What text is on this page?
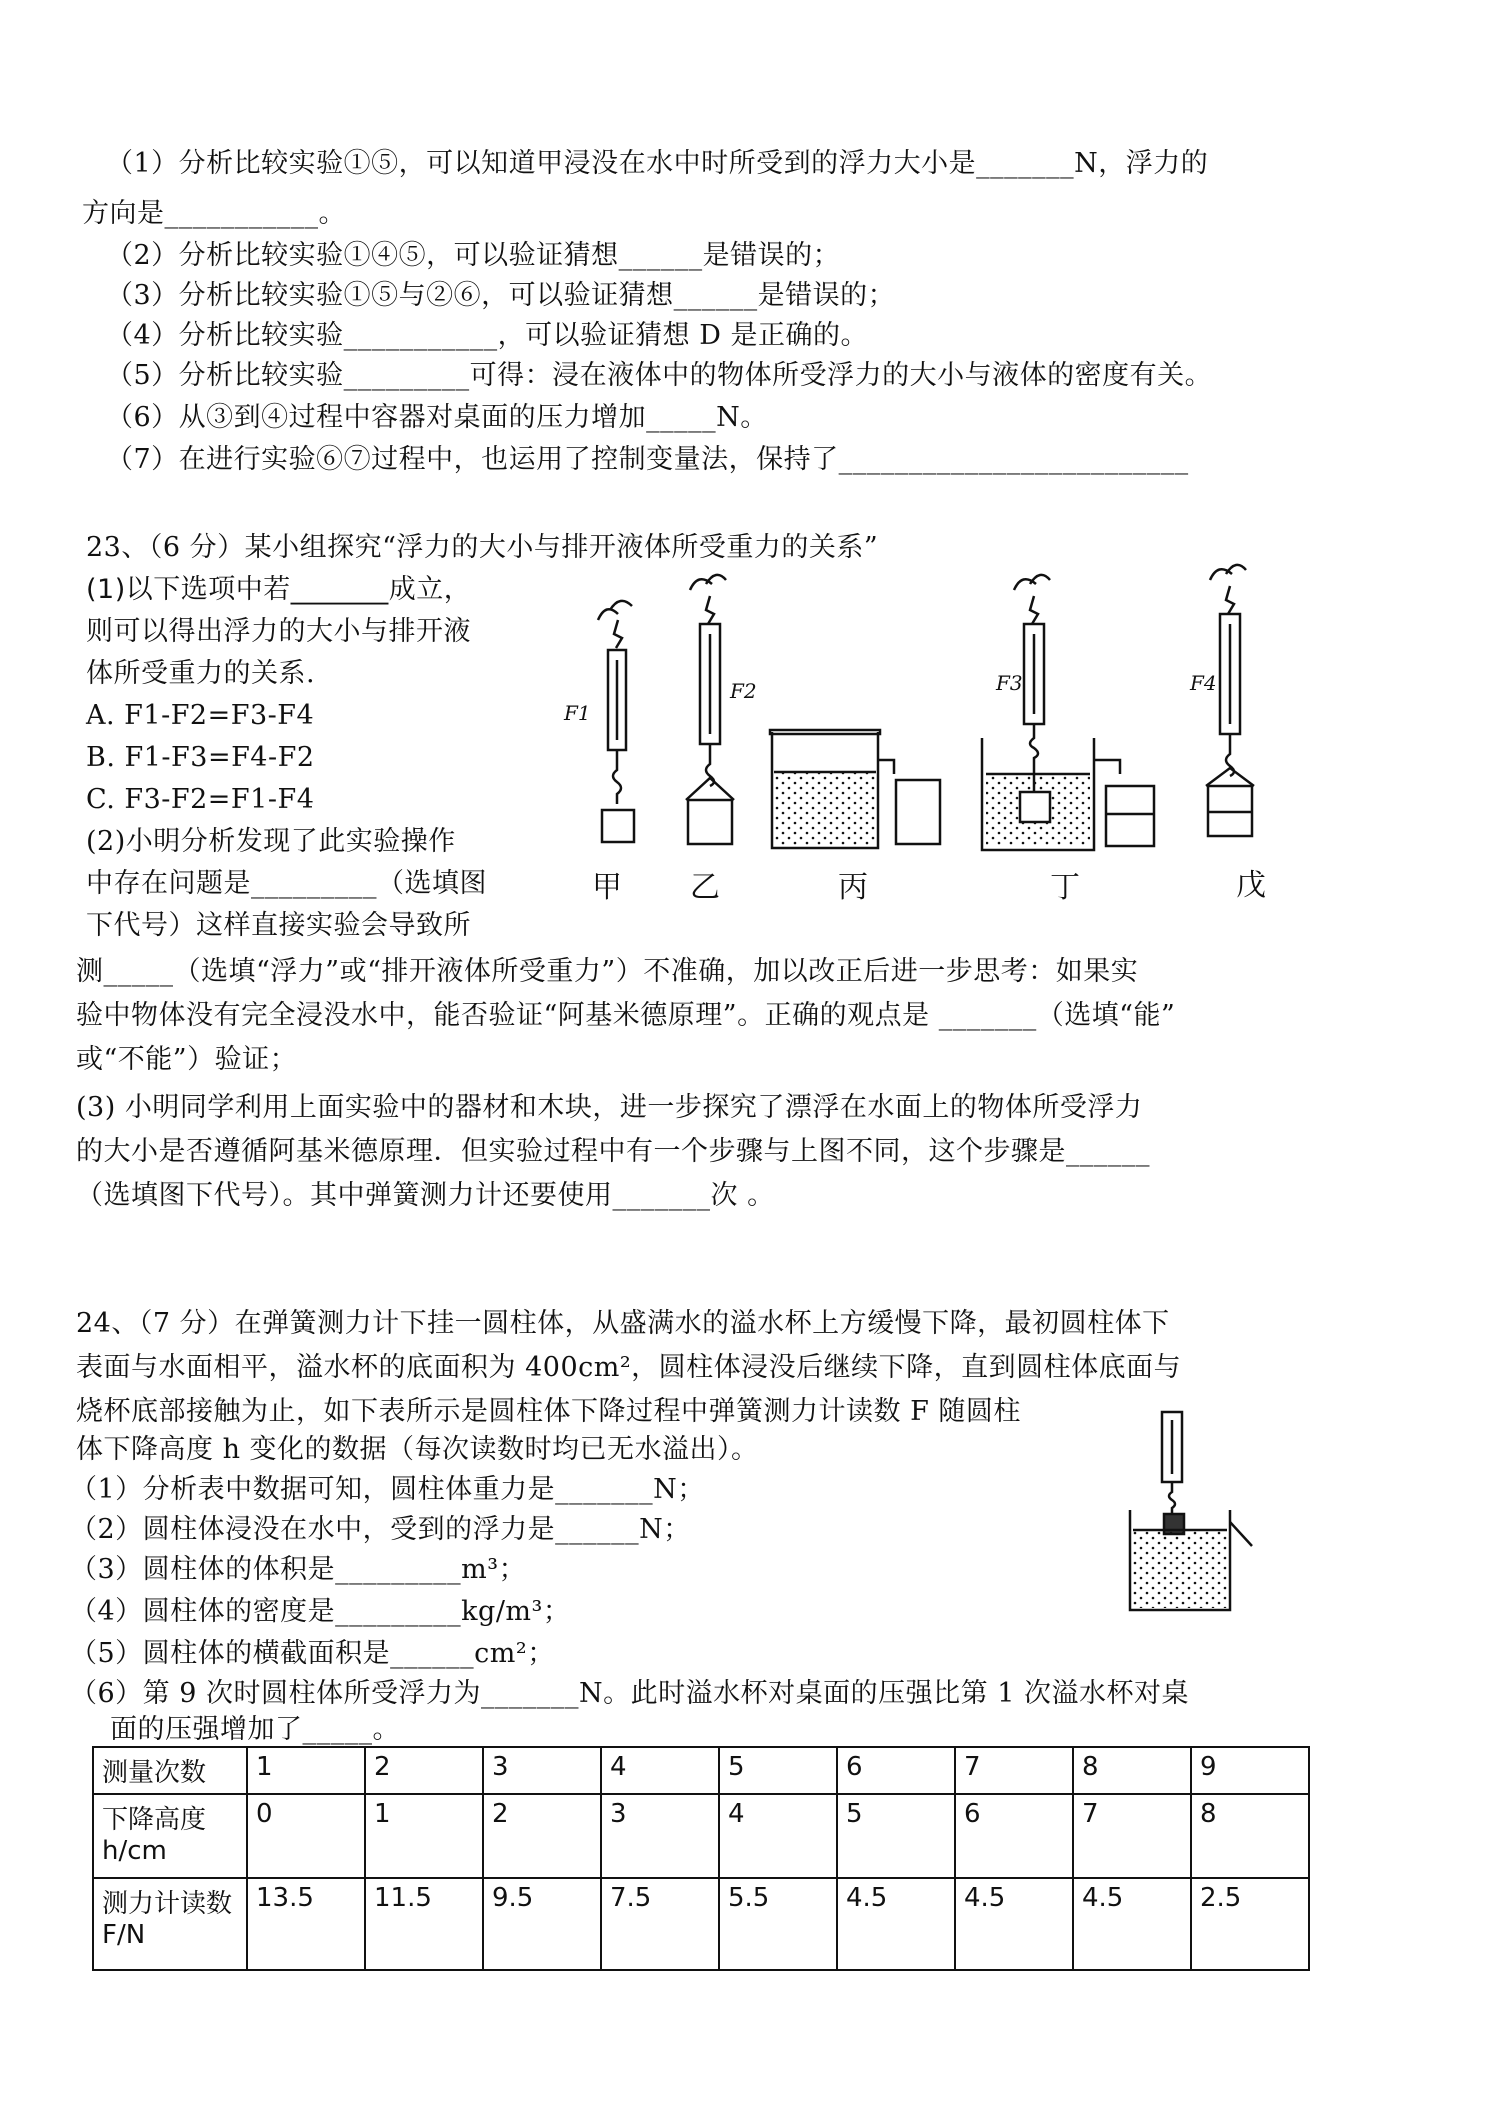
（1）分析比较实验①⑤，可以知道甲浸没在水中时所受到的浮力大小是_______N，浮力的
方向是___________。
（2）分析比较实验①④⑤，可以验证猜想______是错误的；
（3）分析比较实验①⑤与②⑥，可以验证猜想______是错误的；
（4）分析比较实验___________，可以验证猜想 D 是正确的。
（5）分析比较实验_________可得：浸在液体中的物体所受浮力的大小与液体的密度有关。
（6）从③到④过程中容器对桌面的压力增加_____N。
（7）在进行实验⑥⑦过程中，也运用了控制变量法，保持了_________________________
23、（6 分）某小组探究“浮力的大小与排开液体所受重力的关系”
(1)以下选项中若_______成立，
则可以得出浮力的大小与排开液
体所受重力的关系.
A. F1-F2=F3-F4
B. F1-F3=F4-F2
C. F3-F2=F1-F4
(2)小明分析发现了此实验操作
中存在问题是_________（选填图
下代号）这样直接实验会导致所
测_____（选填“浮力”或“排开液体所受重力”）不准确，加以改正后进一步思考：如果实
验中物体没有完全浸没水中，能否验证“阿基米德原理”。正确的观点是 _______（选填“能”
或“不能”）验证；
(3) 小明同学利用上面实验中的器材和木块，进一步探究了漂浮在水面上的物体所受浮力
的大小是否遵循阿基米德原理．但实验过程中有一个步骤与上图不同，这个步骤是______
（选填图下代号）。其中弹簧测力计还要使用_______次 。
F1
F2	F3	F4
甲 乙	丙	丁	戊
24、（7 分）在弹簧测力计下挂一圆柱体，从盛满水的溢水杯上方缓慢下降，最初圆柱体下
表面与水面相平，溢水杯的底面积为 400cm²，圆柱体浸没后继续下降，直到圆柱体底面与
烧杯底部接触为止，如下表所示是圆柱体下降过程中弹簧测力计读数 F 随圆柱
体下降高度 h 变化的数据（每次读数时均已无水溢出）。
（1）分析表中数据可知，圆柱体重力是_______N；
（2）圆柱体浸没在水中，受到的浮力是______N；
（3）圆柱体的体积是_________m³；
（4）圆柱体的密度是_________kg/m³；
（5）圆柱体的横截面积是______cm²；
（6）第 9 次时圆柱体所受浮力为_______N。此时溢水杯对桌面的压强比第 1 次溢水杯对桌
面的压强增加了_____。
测量次数	1	2	3	4	5	6	7	8	9
下降高度 h/cm	0	1	2	3	4	5	6	7	8
测力计读数 F/N	13.5	11.5	9.5	7.5	5.5	4.5	4.5	4.5	2.5
